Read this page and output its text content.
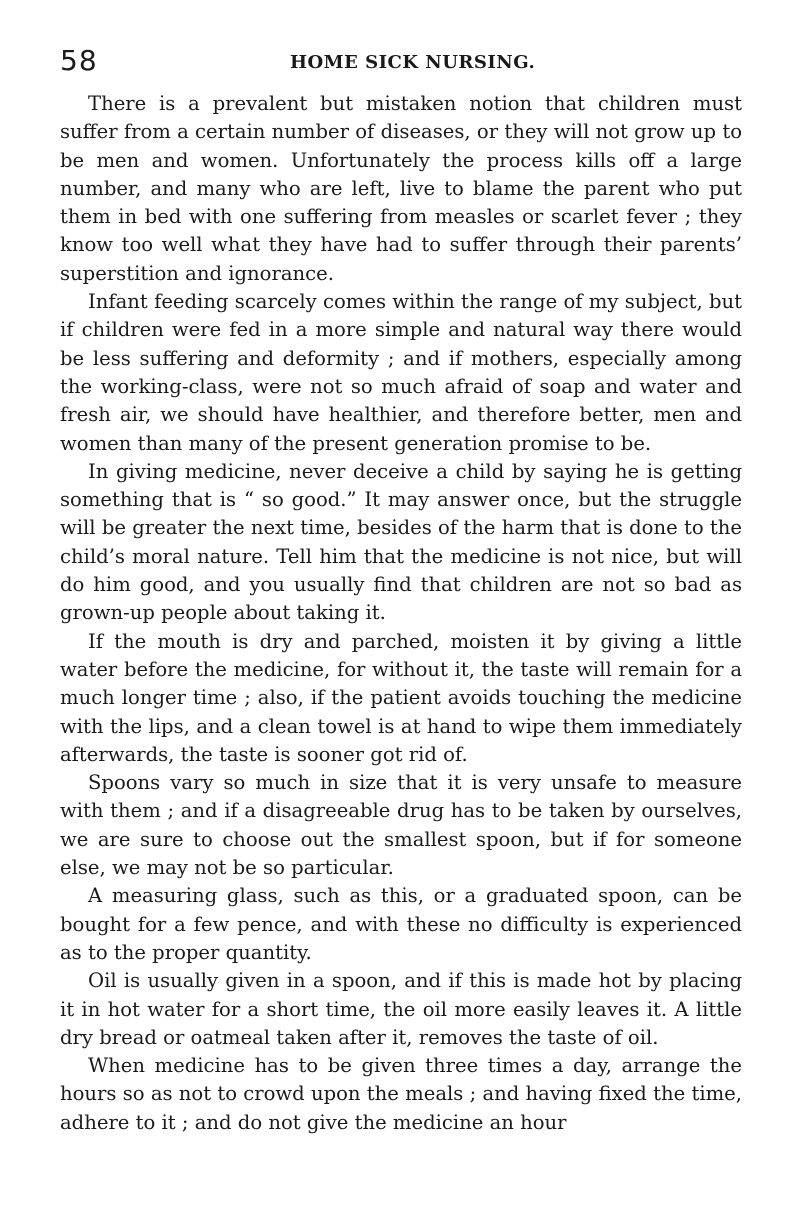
58	HOME SICK NURSING.

There is a prevalent but mistaken notion that children must suffer from a certain number of diseases, or they will not grow up to be men and women. Unfortunately the process kills off a large number, and many who are left, live to blame the parent who put them in bed with one suffering from measles or scarlet fever ; they know too well what they have had to suffer through their parents’ superstition and ignorance.

Infant feeding scarcely comes within the range of my subject, but if children were fed in a more simple and natural way there would be less suffering and deformity ; and if mothers, especially among the working-class, were not so much afraid of soap and water and fresh air, we should have healthier, and therefore better, men and women than many of the present generation promise to be.

In giving medicine, never deceive a child by saying he is getting something that is “ so good.” It may answer once, but the struggle will be greater the next time, besides of the harm that is done to the child’s moral nature. Tell him that the medicine is not nice, but will do him good, and you usually find that children are not so bad as grown-up people about taking it.

If the mouth is dry and parched, moisten it by giving a little water before the medicine, for without it, the taste will remain for a much longer time ; also, if the patient avoids touching the medicine with the lips, and a clean towel is at hand to wipe them immediately afterwards, the taste is sooner got rid of.

Spoons vary so much in size that it is very unsafe to measure with them ; and if a disagreeable drug has to be taken by ourselves, we are sure to choose out the smallest spoon, but if for someone else, we may not be so particular.

A measuring glass, such as this, or a graduated spoon, can be bought for a few pence, and with these no difficulty is experienced as to the proper quantity.

Oil is usually given in a spoon, and if this is made hot by placing it in hot water for a short time, the oil more easily leaves it. A little dry bread or oatmeal taken after it, removes the taste of oil.

When medicine has to be given three times a day, arrange the hours so as not to crowd upon the meals ; and having fixed the time, adhere to it ; and do not give the medicine an hour
